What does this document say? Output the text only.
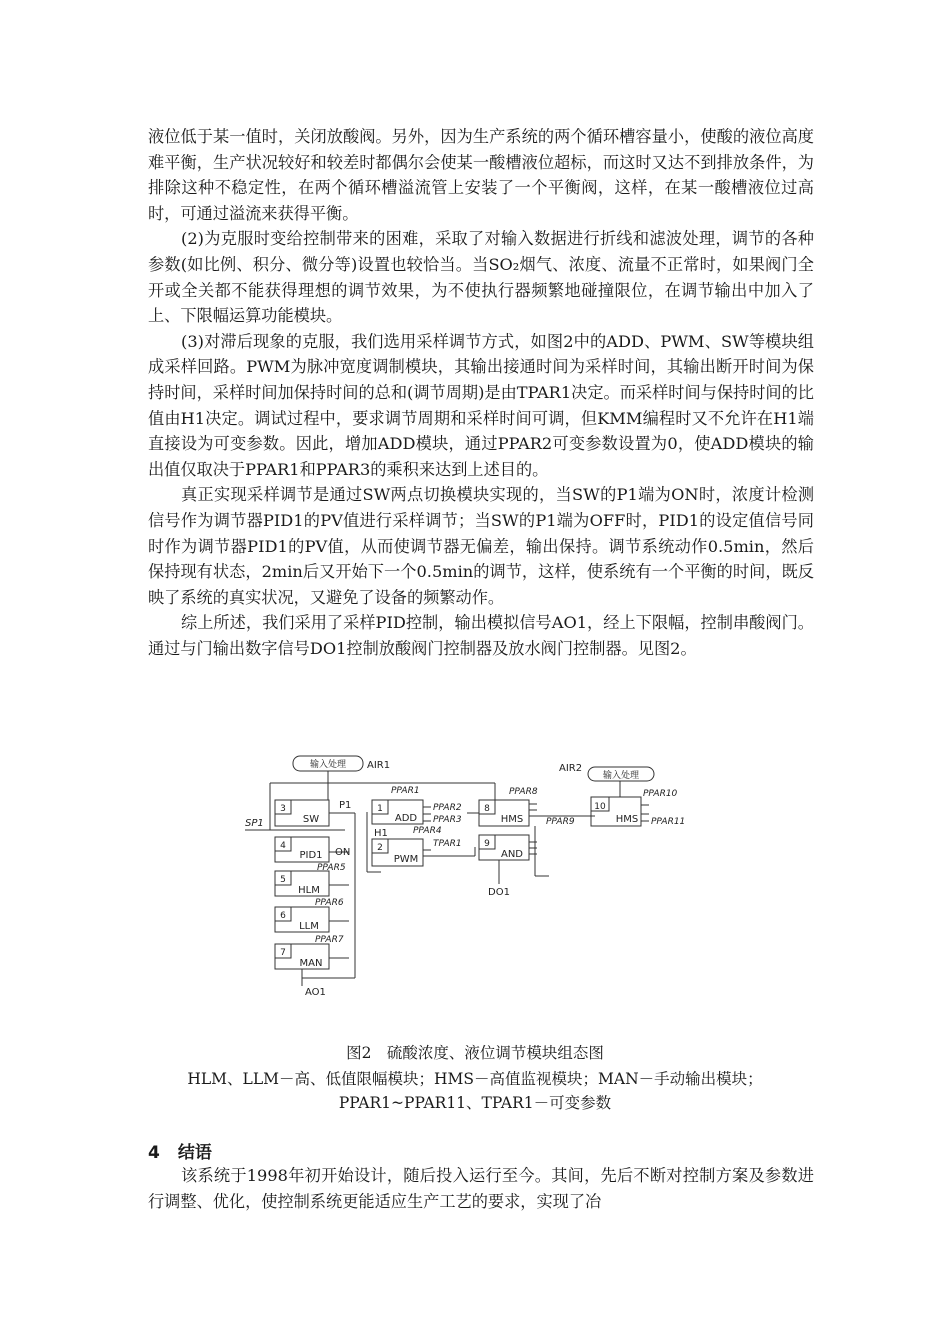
液位低于某一值时，关闭放酸阀。另外，因为生产系统的两个循环槽容量小，使酸的液位高度难平衡，生产状况较好和较差时都偶尔会使某一酸槽液位超标，而这时又达不到排放条件，为排除这种不稳定性，在两个循环槽溢流管上安装了一个平衡阀，这样，在某一酸槽液位过高时，可通过溢流来获得平衡。

(2)为克服时变给控制带来的困难，采取了对输入数据进行折线和滤波处理，调节的各种参数(如比例、积分、微分等)设置也较恰当。当SO₂烟气、浓度、流量不正常时，如果阀门全开或全关都不能获得理想的调节效果，为不使执行器频繁地碰撞限位，在调节输出中加入了上、下限幅运算功能模块。

(3)对滞后现象的克服，我们选用采样调节方式，如图2中的ADD、PWM、SW等模块组成采样回路。PWM为脉冲宽度调制模块，其输出接通时间为采样时间，其输出断开时间为保持时间，采样时间加保持时间的总和(调节周期)是由TPAR1决定。而采样时间与保持时间的比值由H1决定。调试过程中，要求调节周期和采样时间可调，但KMM编程时又不允许在H1端直接设为可变参数。因此，增加ADD模块，通过PPAR2可变参数设置为0，使ADD模块的输出值仅取决于PPAR1和PPAR3的乘积来达到上述目的。

真正实现采样调节是通过SW两点切换模块实现的，当SW的P1端为ON时，浓度计检测信号作为调节器PID1的PV值进行采样调节；当SW的P1端为OFF时，PID1的设定值信号同时作为调节器PID1的PV值，从而使调节器无偏差，输出保持。调节系统动作0.5min，然后保持现有状态，2min后又开始下一个0.5min的调节，这样，使系统有一个平衡的时间，既反映了系统的真实状况，又避免了设备的频繁动作。

综上所述，我们采用了采样PID控制，输出模拟信号AO1，经上下限幅，控制串酸阀门。通过与门输出数字信号DO1控制放酸阀门控制器及放水阀门控制器。见图2。

输入处理 AIR1	AIR2
输入处理
3
SW
P1
SP1
4
PID1 ON
PPAR5
5
HLM
PPAR6
6
LLM
PPAR7
7
MAN
AO1
1
ADD
PPAR1
PPAR2
PPAR3
PPAR4
H1
2
PWM
TPAR1
8
HMS
PPAR8
PPAR9
9
AND
DO1
10
HMS
PPAR10
PPAR11
图2　硫酸浓度、液位调节模块组态图
HLM、LLM－高、低值限幅模块；HMS－高值监视模块；MAN－手动输出模块；
PPAR1~PPAR11、TPAR1－可变参数
4 结语

该系统于1998年初开始设计，随后投入运行至今。其间，先后不断对控制方案及参数进行调整、优化，使控制系统更能适应生产工艺的要求，实现了冶
